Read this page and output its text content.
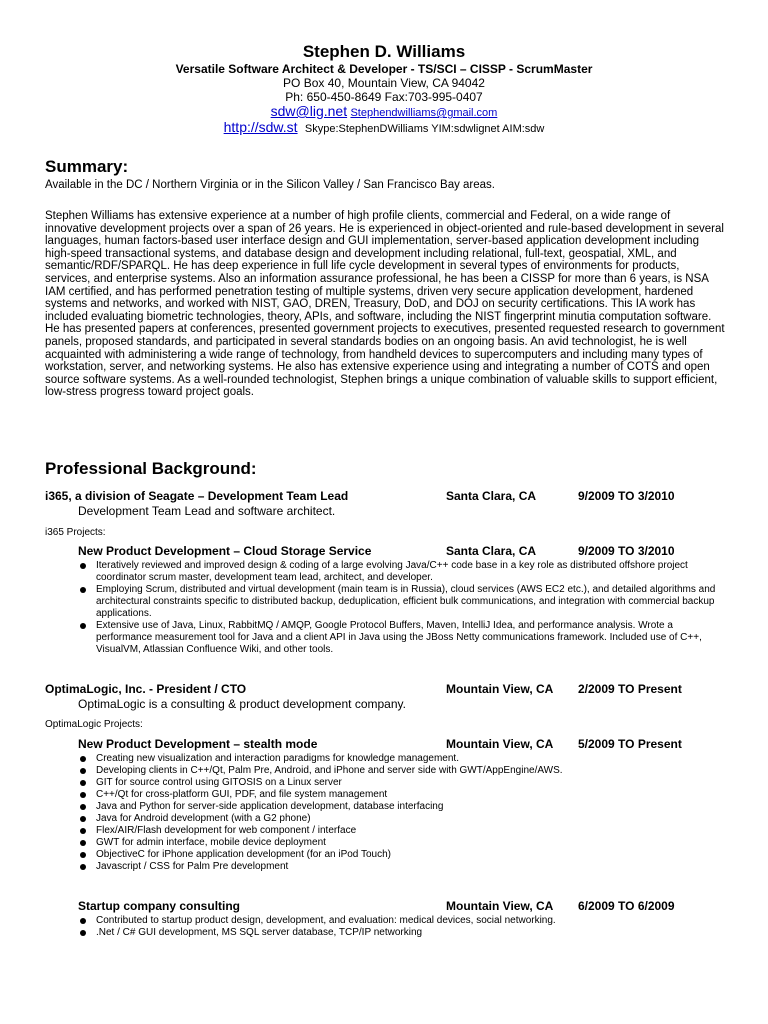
Stephen D. Williams
Versatile Software Architect & Developer - TS/SCI – CISSP - ScrumMaster
PO Box 40, Mountain View, CA 94042
Ph: 650-450-8649 Fax:703-995-0407
sdw@lig.net Stephendwilliams@gmail.com
http://sdw.st Skype:StephenDWilliams YIM:sdwlignet AIM:sdw
Summary:
Available in the DC / Northern Virginia or in the Silicon Valley / San Francisco Bay areas.
Stephen Williams has extensive experience at a number of high profile clients, commercial and Federal, on a wide range of innovative development projects over a span of 26 years. He is experienced in object-oriented and rule-based development in several languages, human factors-based user interface design and GUI implementation, server-based application development including high-speed transactional systems, and database design and development including relational, full-text, geospatial, XML, and semantic/RDF/SPARQL. He has deep experience in full life cycle development in several types of environments for products, services, and enterprise systems. Also an information assurance professional, he has been a CISSP for more than 6 years, is NSA IAM certified, and has performed penetration testing of multiple systems, driven very secure application development, hardened systems and networks, and worked with NIST, GAO, DREN, Treasury, DoD, and DOJ on security certifications. This IA work has included evaluating biometric technologies, theory, APIs, and software, including the NIST fingerprint minutia computation software. He has presented papers at conferences, presented government projects to executives, presented requested research to government panels, proposed standards, and participated in several standards bodies on an ongoing basis. An avid technologist, he is well acquainted with administering a wide range of technology, from handheld devices to supercomputers and including many types of workstation, server, and networking systems. He also has extensive experience using and integrating a number of COTS and open source software systems. As a well-rounded technologist, Stephen brings a unique combination of valuable skills to support efficient, low-stress progress toward project goals.
Professional Background:
i365, a division of Seagate – Development Team Lead	Santa Clara, CA	9/2009 TO 3/2010
Development Team Lead and software architect.
i365 Projects:
New Product Development – Cloud Storage Service	Santa Clara, CA	9/2009 TO 3/2010
Iteratively reviewed and improved design & coding of a large evolving Java/C++ code base in a key role as distributed offshore project coordinator scrum master, development team lead, architect, and developer.
Employing Scrum, distributed and virtual development (main team is in Russia), cloud services (AWS EC2 etc.), and detailed algorithms and architectural constraints specific to distributed backup, deduplication, efficient bulk communications, and integration with commercial backup applications.
Extensive use of Java, Linux, RabbitMQ / AMQP, Google Protocol Buffers, Maven, IntelliJ Idea, and performance analysis. Wrote a performance measurement tool for Java and a client API in Java using the JBoss Netty communications framework. Included use of C++, VisualVM, Atlassian Confluence Wiki, and other tools.
OptimaLogic, Inc. - President / CTO	Mountain View, CA 2/2009 TO Present
OptimaLogic is a consulting & product development company.
OptimaLogic Projects:
New Product Development – stealth mode	Mountain View, CA 5/2009 TO Present
Creating new visualization and interaction paradigms for knowledge management.
Developing clients in C++/Qt, Palm Pre, Android, and iPhone and server side with GWT/AppEngine/AWS.
GIT for source control using GITOSIS on a Linux server
C++/Qt for cross-platform GUI, PDF, and file system management
Java and Python for server-side application development, database interfacing
Java for Android development (with a G2 phone)
Flex/AIR/Flash development for web component / interface
GWT for admin interface, mobile device deployment
ObjectiveC for iPhone application development (for an iPod Touch)
Javascript / CSS for Palm Pre development
Startup company consulting	Mountain View, CA 6/2009 TO 6/2009
Contributed to startup product design, development, and evaluation: medical devices, social networking.
.Net / C# GUI development, MS SQL server database, TCP/IP networking
